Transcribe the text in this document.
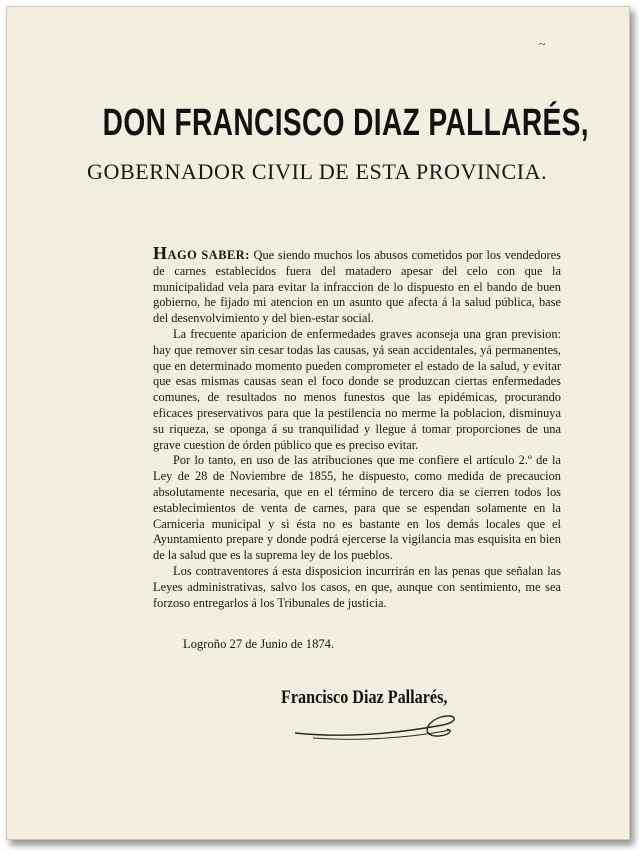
~
DON FRANCISCO DIAZ PALLARÉS,
GOBERNADOR CIVIL DE ESTA PROVINCIA.

HAGO SABER: Que siendo muchos los abusos cometidos por los vendedores de carnes establecidos fuera del matadero apesar del celo con que la municipalidad vela para evitar la infraccion de lo dispuesto en el bando de buen gobierno, he fijado mi atencion en un asunto que afecta á la salud pública, base del desenvolvimiento y del bien-estar social.

La frecuente aparicion de enfermedades graves aconseja una gran prevision: hay que remover sin cesar todas las causas, yá sean accidentales, yá permanentes, que en determinado momento pueden comprometer el estado de la salud, y evitar que esas mismas causas sean el foco donde se produzcan ciertas enfermedades comunes, de resultados no menos funestos que las epidémicas, procurando eficaces preservativos para que la pestilencia no merme la poblacion, disminuya su riqueza, se oponga á su tranquilidad y llegue á tomar proporciones de una grave cuestion de órden público que es preciso evitar.

Por lo tanto, en uso de las atribuciones que me confiere el artículo 2.º de la Ley de 28 de Noviembre de 1855, he dispuesto, como medida de precaucion absolutamente necesaria, que en el término de tercero dia se cierren todos los establecimientos de venta de carnes, para que se espendan solamente en la Carniceria municipal y si ésta no es bastante en los demás locales que el Ayuntamiento prepare y donde podrá ejercerse la vigilancia mas esquisita en bien de la salud que es la suprema ley de los pueblos.

Los contraventores á esta disposicion incurrirán en las penas que señalan las Leyes administrativas, salvo los casos, en que, aunque con sentimiento, me sea forzoso entregarlos á los Tribunales de justicia.

Logroño 27 de Junio de 1874.
Francisco Diaz Pallarés,
